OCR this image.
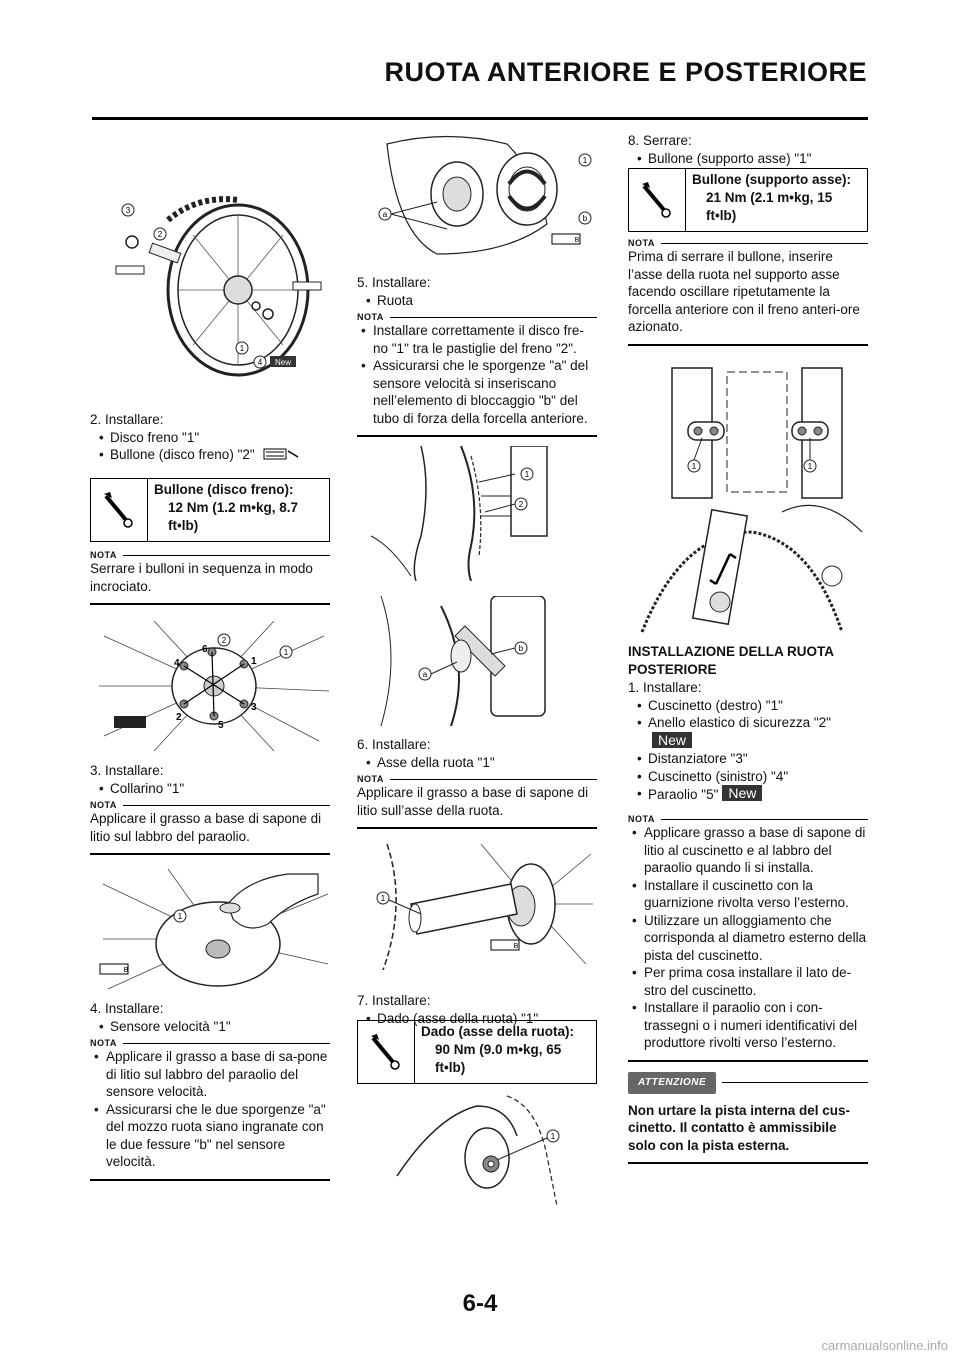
RUOTA ANTERIORE E POSTERIORE
3
2
1
4 New
2. Installare:
• Disco freno "1"
• Bullone (disco freno) "2"
Bullone (disco freno):
12 Nm (1.2 m•kg, 8.7
ft•lb)
NOTA
Serrare i bulloni in sequenza in modo incrociato.
6
1
3
5
2
4
2
1
3. Installare:
• Collarino "1"
NOTA
Applicare il grasso a base di sapone di litio sul labbro del paraolio.
1
B
4. Installare:
• Sensore velocità "1"
NOTA
• Applicare il grasso a base di sa-pone di litio sul labbro del paraolio del sensore velocità.
• Assicurarsi che le due sporgenze "a" del mozzo ruota siano ingranate con le due fessure "b" nel sensore velocità.
1
b
a
B
5. Installare:
• Ruota
NOTA
• Installare correttamente il disco fre-no "1" tra le pastiglie del freno "2".
• Assicurarsi che le sporgenze "a" del sensore velocità si inseriscano nell’elemento di bloccaggio "b" del tubo di forza della forcella anteriore.
1
2
b
a
6. Installare:
• Asse della ruota "1"
NOTA
Applicare il grasso a base di sapone di litio sull’asse della ruota.
1
B
7. Installare:
• Dado (asse della ruota) "1"
Dado (asse della ruota):
90 Nm (9.0 m•kg, 65
ft•lb)
1
8. Serrare:
• Bullone (supporto asse) "1"
Bullone (supporto asse):
21 Nm (2.1 m•kg, 15
ft•lb)
NOTA
Prima di serrare il bullone, inserire l’asse della ruota nel supporto asse facendo oscillare ripetutamente la forcella anteriore con il freno anteri-ore azionato.
1	1
INSTALLAZIONE DELLA RUOTA
POSTERIORE
1. Installare:
• Cuscinetto (destro) "1"
• Anello elastico di sicurezza "2"
New
• Distanziatore "3"
• Cuscinetto (sinistro) "4"
• Paraolio "5" New
NOTA
• Applicare grasso a base di sapone di litio al cuscinetto e al labbro del paraolio quando li si installa.
• Installare il cuscinetto con la guarnizione rivolta verso l’esterno.
• Utilizzare un alloggiamento che corrisponda al diametro esterno della pista del cuscinetto.
• Per prima cosa installare il lato de-stro del cuscinetto.
• Installare il paraolio con i con-trassegni o i numeri identificativi del produttore rivolti verso l’esterno.
ATTENZIONE
Non urtare la pista interna del cus-cinetto. Il contatto è ammissibile solo con la pista esterna.
6-4
carmanualsonline.info
